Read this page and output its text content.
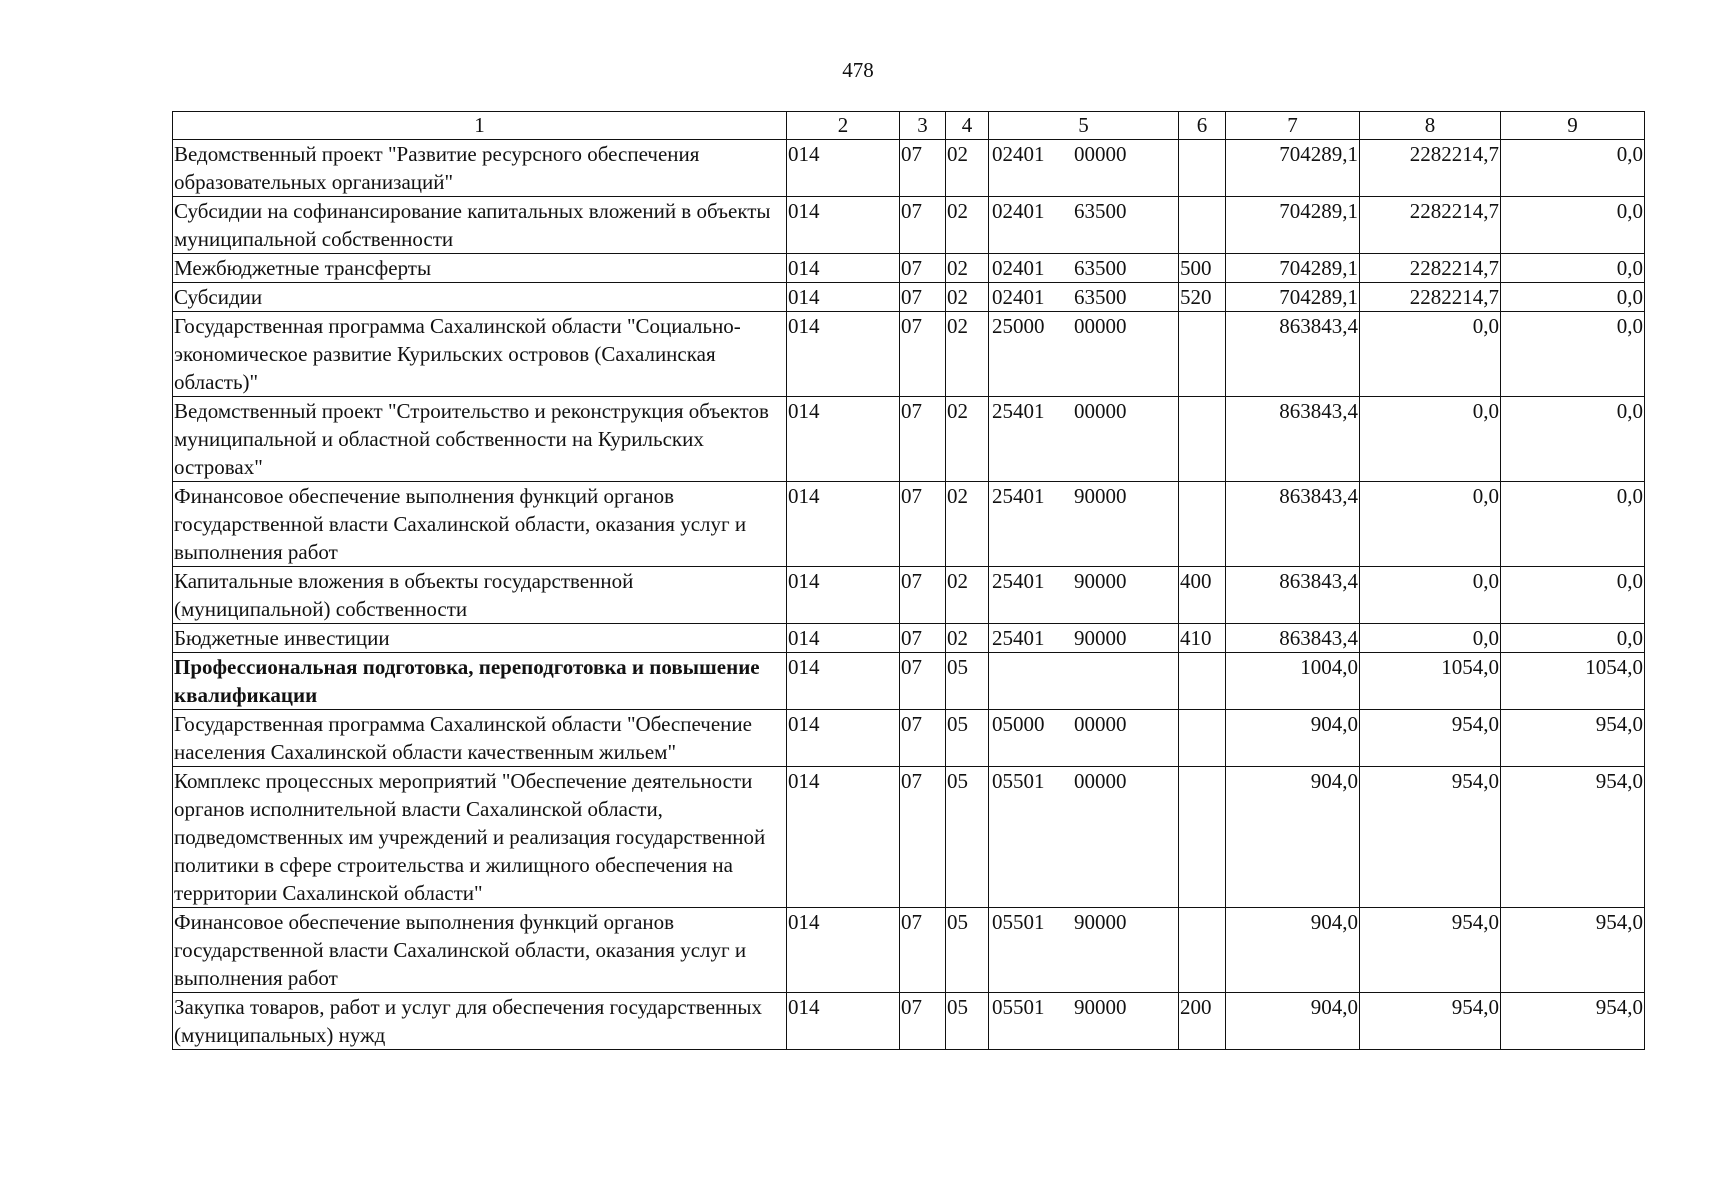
478
1	2	3	4	5	6	7	8	9
Ведомственный проект "Развитие ресурсного обеспечения образовательных организаций"	014	07	02	02401 00000		704289,1	2282214,7	0,0
Субсидии на софинансирование капитальных вложений в объекты муниципальной собственности	014	07	02	02401 63500		704289,1	2282214,7	0,0
Межбюджетные трансферты	014	07	02	02401 63500	500	704289,1	2282214,7	0,0
Субсидии	014	07	02	02401 63500	520	704289,1	2282214,7	0,0
Государственная программа Сахалинской области "Социально-экономическое развитие Курильских островов (Сахалинская область)"	014	07	02	25000 00000		863843,4	0,0	0,0
Ведомственный проект "Строительство и реконструкция объектов муниципальной и областной собственности на Курильских островах"	014	07	02	25401 00000		863843,4	0,0	0,0
Финансовое обеспечение выполнения функций органов государственной власти Сахалинской области, оказания услуг и выполнения работ	014	07	02	25401 90000		863843,4	0,0	0,0
Капитальные вложения в объекты государственной (муниципальной) собственности	014	07	02	25401 90000	400	863843,4	0,0	0,0
Бюджетные инвестиции	014	07	02	25401 90000	410	863843,4	0,0	0,0
Профессиональная подготовка, переподготовка и повышение квалификации	014	07	05			1004,0	1054,0	1054,0
Государственная программа Сахалинской области "Обеспечение населения Сахалинской области качественным жильем"	014	07	05	05000 00000		904,0	954,0	954,0
Комплекс процессных мероприятий "Обеспечение деятельности органов исполнительной власти Сахалинской области, подведомственных им учреждений и реализация государственной политики в сфере строительства и жилищного обеспечения на территории Сахалинской области"	014	07	05	05501 00000		904,0	954,0	954,0
Финансовое обеспечение выполнения функций органов государственной власти Сахалинской области, оказания услуг и выполнения работ	014	07	05	05501 90000		904,0	954,0	954,0
Закупка товаров, работ и услуг для обеспечения государственных (муниципальных) нужд	014	07	05	05501 90000	200	904,0	954,0	954,0
